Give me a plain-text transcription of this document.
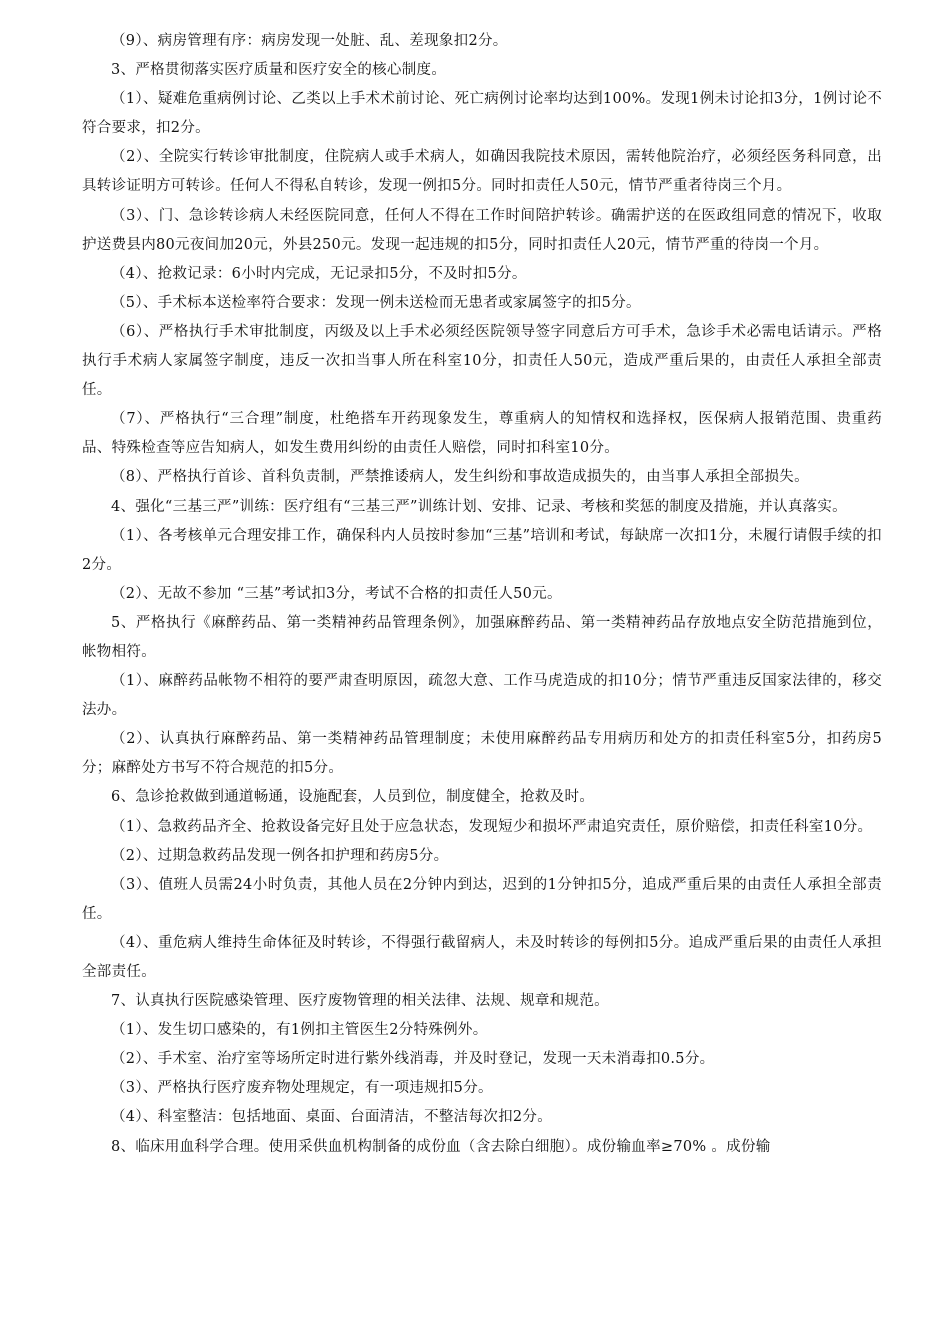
（9）、病房管理有序：病房发现一处脏、乱、差现象扣2分。

3、严格贯彻落实医疗质量和医疗安全的核心制度。

（1）、疑难危重病例讨论、乙类以上手术术前讨论、死亡病例讨论率均达到100%。发现1例未讨论扣3分，1例讨论不符合要求，扣2分。

（2）、全院实行转诊审批制度，住院病人或手术病人，如确因我院技术原因，需转他院治疗，必须经医务科同意，出具转诊证明方可转诊。任何人不得私自转诊，发现一例扣5分。同时扣责任人50元，情节严重者待岗三个月。

（3）、门、急诊转诊病人未经医院同意，任何人不得在工作时间陪护转诊。确需护送的在医政组同意的情况下，收取护送费县内80元夜间加20元，外县250元。发现一起违规的扣5分，同时扣责任人20元，情节严重的待岗一个月。

（4）、抢救记录：6小时内完成，无记录扣5分，不及时扣5分。

（5）、手术标本送检率符合要求：发现一例未送检而无患者或家属签字的扣5分。

（6）、严格执行手术审批制度，丙级及以上手术必须经医院领导签字同意后方可手术，急诊手术必需电话请示。严格执行手术病人家属签字制度，违反一次扣当事人所在科室10分，扣责任人50元，造成严重后果的，由责任人承担全部责任。

（7）、严格执行“三合理”制度，杜绝搭车开药现象发生，尊重病人的知情权和选择权，医保病人报销范围、贵重药品、特殊检查等应告知病人，如发生费用纠纷的由责任人赔偿，同时扣科室10分。

（8）、严格执行首诊、首科负责制，严禁推诿病人，发生纠纷和事故造成损失的，由当事人承担全部损失。

4、强化“三基三严”训练：医疗组有“三基三严”训练计划、安排、记录、考核和奖惩的制度及措施，并认真落实。

（1）、各考核单元合理安排工作，确保科内人员按时参加“三基”培训和考试，每缺席一次扣1分，未履行请假手续的扣2分。

（2）、无故不参加 “三基”考试扣3分，考试不合格的扣责任人50元。

5、严格执行《麻醉药品、第一类精神药品管理条例》，加强麻醉药品、第一类精神药品存放地点安全防范措施到位，帐物相符。

（1）、麻醉药品帐物不相符的要严肃查明原因，疏忽大意、工作马虎造成的扣10分；情节严重违反国家法律的，移交法办。

（2）、认真执行麻醉药品、第一类精神药品管理制度；未使用麻醉药品专用病历和处方的扣责任科室5分，扣药房5分；麻醉处方书写不符合规范的扣5分。

6、急诊抢救做到通道畅通，设施配套，人员到位，制度健全，抢救及时。

（1）、急救药品齐全、抢救设备完好且处于应急状态，发现短少和损坏严肃追究责任，原价赔偿，扣责任科室10分。

（2）、过期急救药品发现一例各扣护理和药房5分。

（3）、值班人员需24小时负责，其他人员在2分钟内到达，迟到的1分钟扣5分，追成严重后果的由责任人承担全部责任。

（4）、重危病人维持生命体征及时转诊，不得强行截留病人，未及时转诊的每例扣5分。追成严重后果的由责任人承担全部责任。

7、认真执行医院感染管理、医疗废物管理的相关法律、法规、规章和规范。

（1）、发生切口感染的，有1例扣主管医生2分特殊例外。

（2）、手术室、治疗室等场所定时进行紫外线消毒，并及时登记，发现一天未消毒扣0.5分。

（3）、严格执行医疗废弃物处理规定，有一项违规扣5分。

（4）、科室整洁：包括地面、桌面、台面清洁，不整洁每次扣2分。

8、临床用血科学合理。使用采供血机构制备的成份血（含去除白细胞）。成份输血率≥70% 。成份输
